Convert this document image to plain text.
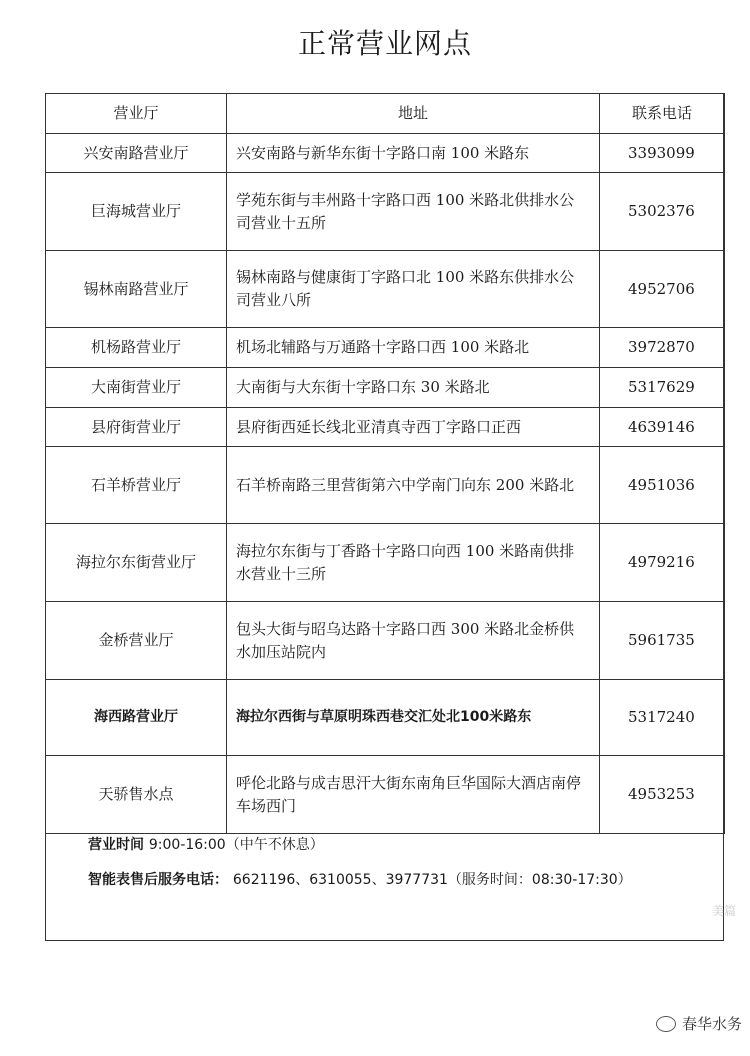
正常营业网点
营业厅	地址	联系电话
兴安南路营业厅	兴安南路与新华东街十字路口南 100 米路东	3393099
巨海城营业厅	学苑东街与丰州路十字路口西 100 米路北供排水公司营业十五所	5302376
锡林南路营业厅	锡林南路与健康街丁字路口北 100 米路东供排水公司营业八所	4952706
机杨路营业厅	机场北辅路与万通路十字路口西 100 米路北	3972870
大南街营业厅	大南街与大东街十字路口东 30 米路北	5317629
县府街营业厅	县府街西延长线北亚清真寺西丁字路口正西	4639146
石羊桥营业厅	石羊桥南路三里营街第六中学南门向东 200 米路北	4951036
海拉尔东街营业厅	海拉尔东街与丁香路十字路口向西 100 米路南供排水营业十三所	4979216
金桥营业厅	包头大街与昭乌达路十字路口西 300 米路北金桥供水加压站院内	5961735
海西路营业厅	海拉尔西街与草原明珠西巷交汇处北100米路东	5317240
天骄售水点	呼伦北路与成吉思汗大街东南角巨华国际大酒店南停车场西门	4953253
营业时间 9:00-16:00（中午不休息）
智能表售后服务电话： 6621196、6310055、3977731（服务时间：08:30-17:30）
美篇
春华水务
